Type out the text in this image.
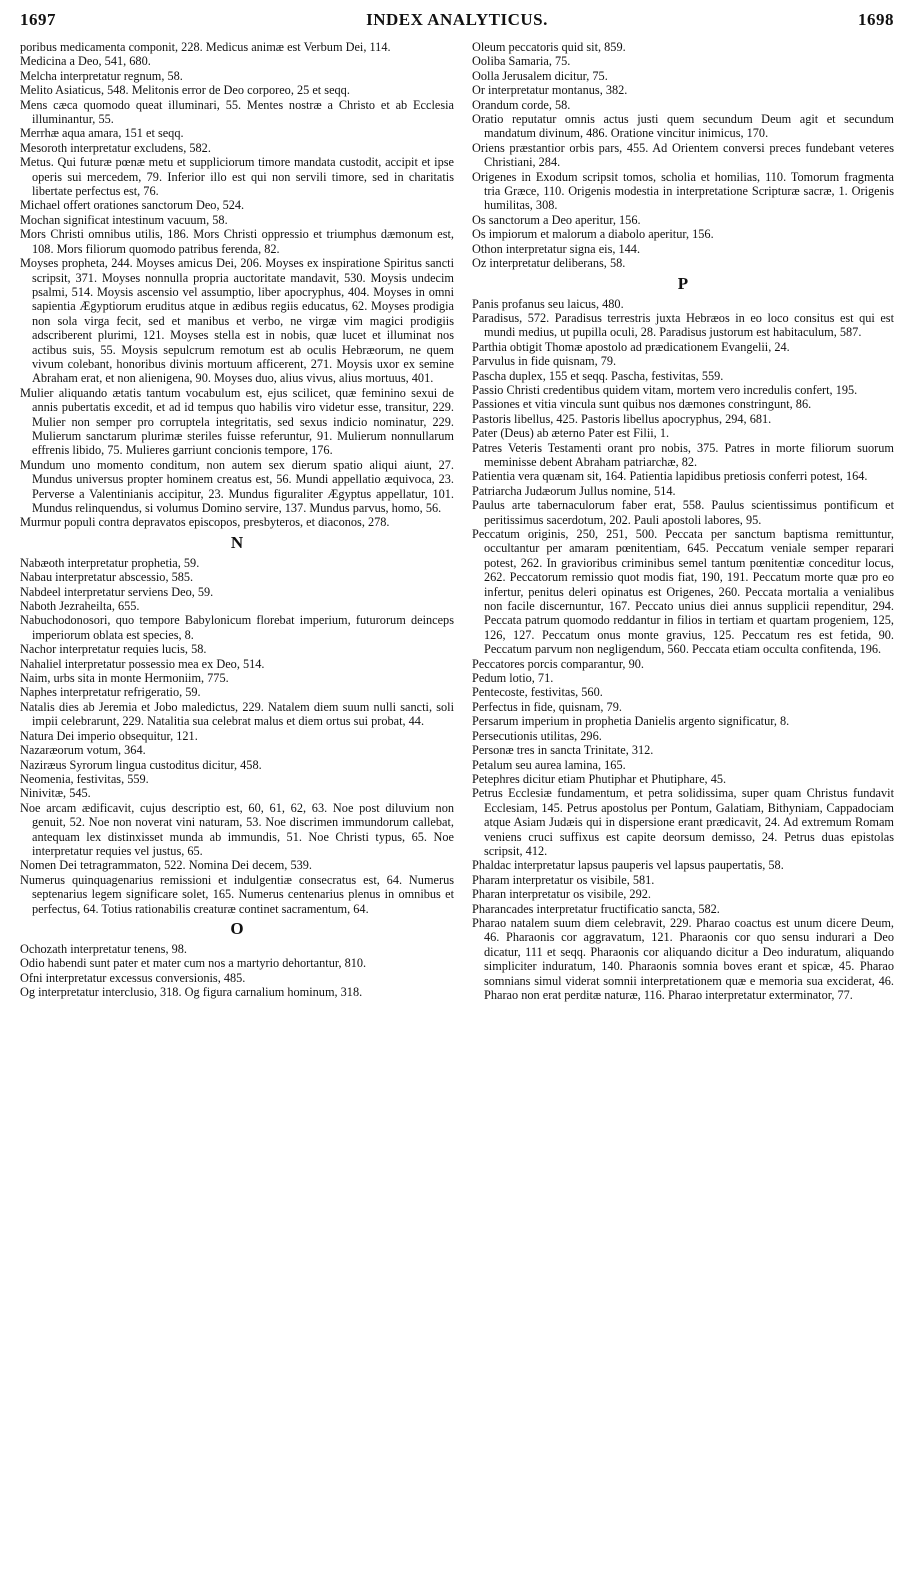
1697	INDEX ANALYTICUS.	1698

poribus medicamenta componit, 228. Medicus animæ est Verbum Dei, 114.

Medicina a Deo, 541, 680.

Melcha interpretatur regnum, 58.

Melito Asiaticus, 548. Melitonis error de Deo corporeo, 25 et seqq.

Mens cæca quomodo queat illuminari, 55. Mentes nostræ a Christo et ab Ecclesia illuminantur, 55.

Merrhæ aqua amara, 151 et seqq.

Mesoroth interpretatur excludens, 582.

Metus. Qui futuræ pœnæ metu et suppliciorum timore mandata custodit, accipit et ipse operis sui mercedem, 79. Inferior illo est qui non servili timore, sed in charitatis libertate perfectus est, 76.

Michael offert orationes sanctorum Deo, 524.

Mochan significat intestinum vacuum, 58.

Mors Christi omnibus utilis, 186. Mors Christi oppressio et triumphus dæmonum est, 108. Mors filiorum quomodo patribus ferenda, 82.

Moyses propheta, 244. Moyses amicus Dei, 206. Moyses ex inspiratione Spiritus sancti scripsit, 371. Moyses nonnulla propria auctoritate mandavit, 530. Moysis undecim psalmi, 514. Moysis ascensio vel assumptio, liber apocryphus, 404. Moyses in omni sapientia Ægyptiorum eruditus atque in ædibus regiis educatus, 62. Moyses prodigia non sola virga fecit, sed et manibus et verbo, ne virgæ vim magici prodigiis adscriberent plurimi, 121. Moyses stella est in nobis, quæ lucet et illuminat nos actibus suis, 55. Moysis sepulcrum remotum est ab oculis Hebræorum, ne quem vivum colebant, honoribus divinis mortuum afficerent, 271. Moysis uxor ex semine Abraham erat, et non alienigena, 90. Moyses duo, alius vivus, alius mortuus, 401.

Mulier aliquando ætatis tantum vocabulum est, ejus scilicet, quæ feminino sexui de annis pubertatis excedit, et ad id tempus quo habilis viro videtur esse, transitur, 229. Mulier non semper pro corruptela integritatis, sed sexus indicio nominatur, 229. Mulierum sanctarum plurimæ steriles fuisse referuntur, 91. Mulierum nonnullarum effrenis libido, 75. Mulieres garriunt concionis tempore, 176.

Mundum uno momento conditum, non autem sex dierum spatio aliqui aiunt, 27. Mundus universus propter hominem creatus est, 56. Mundi appellatio æquivoca, 23. Perverse a Valentinianis accipitur, 23. Mundus figuraliter Ægyptus appellatur, 101. Mundus relinquendus, si volumus Domino servire, 137. Mundus parvus, homo, 56.

Murmur populi contra depravatos episcopos, presbyteros, et diaconos, 278.

N

Nabæoth interpretatur prophetia, 59.

Nabau interpretatur abscessio, 585.

Nabdeel interpretatur serviens Deo, 59.

Naboth Jezraheilta, 655.

Nabuchodonosori, quo tempore Babylonicum florebat imperium, futurorum deinceps imperiorum oblata est species, 8.

Nachor interpretatur requies lucis, 58.

Nahaliel interpretatur possessio mea ex Deo, 514.

Naim, urbs sita in monte Hermoniim, 775.

Naphes interpretatur refrigeratio, 59.

Natalis dies ab Jeremia et Jobo maledictus, 229. Natalem diem suum nulli sancti, soli impii celebrarunt, 229. Natalitia sua celebrat malus et diem ortus sui probat, 44.

Natura Dei imperio obsequitur, 121.

Nazaræorum votum, 364.

Naziræus Syrorum lingua custoditus dicitur, 458.

Neomenia, festivitas, 559.

Ninivitæ, 545.

Noe arcam ædificavit, cujus descriptio est, 60, 61, 62, 63. Noe post diluvium non genuit, 52. Noe non noverat vini naturam, 53. Noe discrimen immundorum callebat, antequam lex distinxisset munda ab immundis, 51. Noe Christi typus, 65. Noe interpretatur requies vel justus, 65.

Nomen Dei tetragrammaton, 522. Nomina Dei decem, 539.

Numerus quinquagenarius remissioni et indulgentiæ consecratus est, 64. Numerus septenarius legem significare solet, 165. Numerus centenarius plenus in omnibus et perfectus, 64. Totius rationabilis creaturæ continet sacramentum, 64.

O

Ochozath interpretatur tenens, 98.

Odio habendi sunt pater et mater cum nos a martyrio dehortantur, 810.

Ofni interpretatur excessus conversionis, 485.

Og interpretatur interclusio, 318. Og figura carnalium hominum, 318.

Oleum peccatoris quid sit, 859.

Ooliba Samaria, 75.

Oolla Jerusalem dicitur, 75.

Or interpretatur montanus, 382.

Orandum corde, 58.

Oratio reputatur omnis actus justi quem secundum Deum agit et secundum mandatum divinum, 486. Oratione vincitur inimicus, 170.

Oriens præstantior orbis pars, 455. Ad Orientem conversi preces fundebant veteres Christiani, 284.

Origenes in Exodum scripsit tomos, scholia et homilias, 110. Tomorum fragmenta tria Græce, 110. Origenis modestia in interpretatione Scripturæ sacræ, 1. Origenis humilitas, 308.

Os sanctorum a Deo aperitur, 156.

Os impiorum et malorum a diabolo aperitur, 156.

Othon interpretatur signa eis, 144.

Oz interpretatur deliberans, 58.

P

Panis profanus seu laicus, 480.

Paradisus, 572. Paradisus terrestris juxta Hebræos in eo loco consitus est qui est mundi medius, ut pupilla oculi, 28. Paradisus justorum est habitaculum, 587.

Parthia obtigit Thomæ apostolo ad prædicationem Evangelii, 24.

Parvulus in fide quisnam, 79.

Pascha duplex, 155 et seqq. Pascha, festivitas, 559.

Passio Christi credentibus quidem vitam, mortem vero incredulis confert, 195.

Passiones et vitia vincula sunt quibus nos dæmones constringunt, 86.

Pastoris libellus, 425. Pastoris libellus apocryphus, 294, 681.

Pater (Deus) ab æterno Pater est Filii, 1.

Patres Veteris Testamenti orant pro nobis, 375. Patres in morte filiorum suorum meminisse debent Abraham patriarchæ, 82.

Patientia vera quænam sit, 164. Patientia lapidibus pretiosis conferri potest, 164.

Patriarcha Judæorum Jullus nomine, 514.

Paulus arte tabernaculorum faber erat, 558. Paulus scientissimus pontificum et peritissimus sacerdotum, 202. Pauli apostoli labores, 95.

Peccatum originis, 250, 251, 500. Peccata per sanctum baptisma remittuntur, occultantur per amaram pœnitentiam, 645. Peccatum veniale semper reparari potest, 262. In gravioribus criminibus semel tantum pœnitentiæ conceditur locus, 262. Peccatorum remissio quot modis fiat, 190, 191. Peccatum morte quæ pro eo infertur, penitus deleri opinatus est Origenes, 260. Peccata mortalia a venialibus non facile discernuntur, 167. Peccato unius diei annus supplicii rependitur, 294. Peccata patrum quomodo reddantur in filios in tertiam et quartam progeniem, 125, 126, 127. Peccatum onus monte gravius, 125. Peccatum res est fetida, 90. Peccatum parvum non negligendum, 560. Peccata etiam occulta confitenda, 196.

Peccatores porcis comparantur, 90.

Pedum lotio, 71.

Pentecoste, festivitas, 560.

Perfectus in fide, quisnam, 79.

Persarum imperium in prophetia Danielis argento significatur, 8.

Persecutionis utilitas, 296.

Personæ tres in sancta Trinitate, 312.

Petalum seu aurea lamina, 165.

Petephres dicitur etiam Phutiphar et Phutiphare, 45.

Petrus Ecclesiæ fundamentum, et petra solidissima, super quam Christus fundavit Ecclesiam, 145. Petrus apostolus per Pontum, Galatiam, Bithyniam, Cappadociam atque Asiam Judæis qui in dispersione erant prædicavit, 24. Ad extremum Romam veniens cruci suffixus est capite deorsum demisso, 24. Petrus duas epistolas scripsit, 412.

Phaldac interpretatur lapsus pauperis vel lapsus paupertatis, 58.

Pharam interpretatur os visibile, 581.

Pharan interpretatur os visibile, 292.

Pharancades interpretatur fructificatio sancta, 582.

Pharao natalem suum diem celebravit, 229. Pharao coactus est unum dicere Deum, 46. Pharaonis cor aggravatum, 121. Pharaonis cor quo sensu indurari a Deo dicatur, 111 et seqq. Pharaonis cor aliquando dicitur a Deo induratum, aliquando simpliciter induratum, 140. Pharaonis somnia boves erant et spicæ, 45. Pharao somnians simul viderat somnii interpretationem quæ e memoria sua exciderat, 46. Pharao non erat perditæ naturæ, 116. Pharao interpretatur exterminator, 77.
